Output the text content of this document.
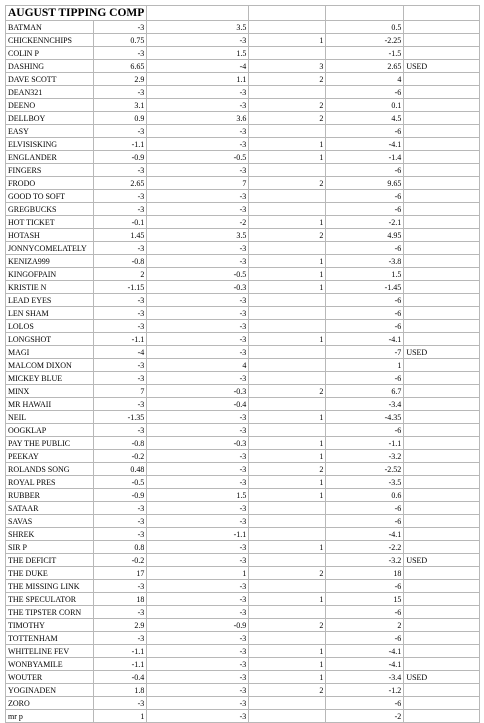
AUGUST TIPPING COMP					
BATMAN	-3	3.5		0.5	
CHICKENNCHIPS	0.75	-3	1	-2.25	
COLIN P	-3	1.5		-1.5	
DASHING	6.65	-4	3	2.65	USED
DAVE SCOTT	2.9	1.1	2	4	
DEAN321	-3	-3		-6	
DEENO	3.1	-3	2	0.1	
DELLBOY	0.9	3.6	2	4.5	
EASY	-3	-3		-6	
ELVISISKING	-1.1	-3	1	-4.1	
ENGLANDER	-0.9	-0.5	1	-1.4	
FINGERS	-3	-3		-6	
FRODO	2.65	7	2	9.65	
GOOD TO SOFT	-3	-3		-6	
GREGBUCKS	-3	-3		-6	
HOT TICKET	-0.1	-2	1	-2.1	
HOTASH	1.45	3.5	2	4.95	
JONNYCOMELATELY	-3	-3		-6	
KENIZA999	-0.8	-3	1	-3.8	
KINGOFPAIN	2	-0.5	1	1.5	
KRISTIE N	-1.15	-0.3	1	-1.45	
LEAD EYES	-3	-3		-6	
LEN SHAM	-3	-3		-6	
LOLOS	-3	-3		-6	
LONGSHOT	-1.1	-3	1	-4.1	
MAGI	-4	-3		-7	USED
MALCOM DIXON	-3	4		1	
MICKEY BLUE	-3	-3		-6	
MINX	7	-0.3	2	6.7	
MR HAWAII	-3	-0.4		-3.4	
NEIL	-1.35	-3	1	-4.35	
OOGKLAP	-3	-3		-6	
PAY THE PUBLIC	-0.8	-0.3	1	-1.1	
PEEKAY	-0.2	-3	1	-3.2	
ROLANDS SONG	0.48	-3	2	-2.52	
ROYAL PRES	-0.5	-3	1	-3.5	
RUBBER	-0.9	1.5	1	0.6	
SATAAR	-3	-3		-6	
SAVAS	-3	-3		-6	
SHREK	-3	-1.1		-4.1	
SIR P	0.8	-3	1	-2.2	
THE DEFICIT	-0.2	-3		-3.2	USED
THE DUKE	17	1	2	18	
THE MISSING LINK	-3	-3		-6	
THE SPECULATOR	18	-3	1	15	
THE TIPSTER CORN	-3	-3		-6	
TIMOTHY	2.9	-0.9	2	2	
TOTTENHAM	-3	-3		-6	
WHITELINE FEV	-1.1	-3	1	-4.1	
WONBYAMILE	-1.1	-3	1	-4.1	
WOUTER	-0.4	-3	1	-3.4	USED
YOGINADEN	1.8	-3	2	-1.2	
ZORO	-3	-3		-6	
mr p	1	-3		-2	
